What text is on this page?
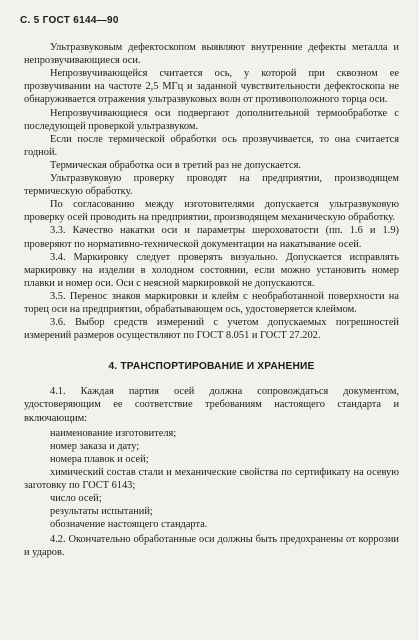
С. 5 ГОСТ 6144—90

Ультразвуковым дефектоскопом выявляют внутренние дефекты металла и непрозвучивающиеся оси.

Непрозвучивающейся считается ось, у которой при сквозном ее прозвучивании на частоте 2,5 МГц и заданной чувствительности дефектоскопа не обнаруживается отражения ультразвуковых волн от противоположного торца оси.

Непрозвучивающиеся оси подвергают дополнительной термообработке с последующей проверкой ультразвуком.

Если после термической обработки ось прозвучивается, то она считается годной.

Термическая обработка оси в третий раз не допускается.

Ультразвуковую проверку проводят на предприятии, производящем термическую обработку.

По согласованию между изготовителями допускается ультразвуковую проверку осей проводить на предприятии, производящем механическую обработку.

3.3. Качество накатки оси и параметры шероховатости (пп. 1.6 и 1.9) проверяют по нормативно-технической документации на накатывание осей.

3.4. Маркировку следует проверять визуально. Допускается исправлять маркировку на изделии в холодном состоянии, если можно установить номер плавки и номер оси. Оси с неясной маркировкой не допускаются.

3.5. Перенос знаков маркировки и клейм с необработанной поверхности на торец оси на предприятии, обрабатывающем ось, удостоверяется клеймом.

3.6. Выбор средств измерений с учетом допускаемых погрешностей измерений размеров осуществляют по ГОСТ 8.051 и ГОСТ 27.202.

4. ТРАНСПОРТИРОВАНИЕ И ХРАНЕНИЕ

4.1. Каждая партия осей должна сопровождаться документом, удостоверяющим ее соответствие требованиям настоящего стандарта и включающим:

наименование изготовителя;

номер заказа и дату;

номера плавок и осей;

химический состав стали и механические свойства по сертификату на осевую заготовку по ГОСТ 6143;

число осей;

результаты испытаний;

обозначение настоящего стандарта.

4.2. Окончательно обработанные оси должны быть предохранены от коррозии и ударов.
